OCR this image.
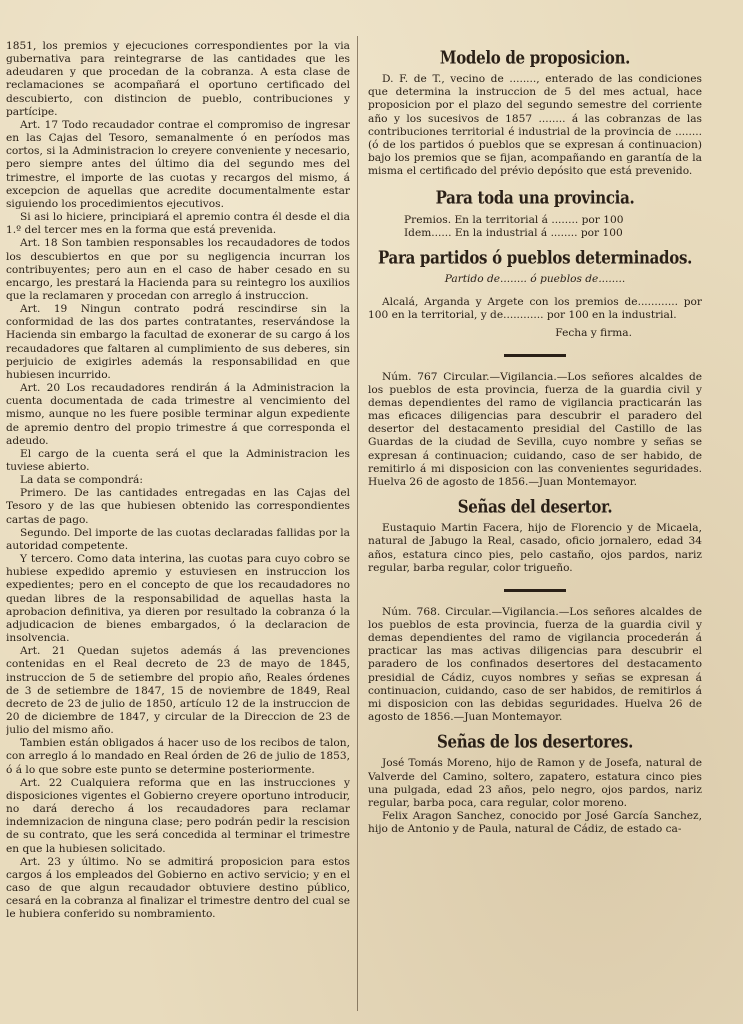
1851, los premios y ejecuciones correspondientes por la via gubernativa para reintegrarse de las cantidades que les adeudaren y que procedan de la cobranza. A esta clase de reclamaciones se acompañará el oportuno certificado del descubierto, con distincion de pueblo, contribuciones y partícipe.

Art. 17 Todo recaudador contrae el compromiso de ingresar en las Cajas del Tesoro, semanalmente ó en períodos mas cortos, si la Administracion lo creyere conveniente y necesario, pero siempre antes del último dia del segundo mes del trimestre, el importe de las cuotas y recargos del mismo, á excepcion de aquellas que acredite documentalmente estar siguiendo los procedimientos ejecutivos.

Si asi lo hiciere, principiará el apremio contra él desde el dia 1.º del tercer mes en la forma que está prevenida.

Art. 18 Son tambien responsables los recaudadores de todos los descubiertos en que por su negligencia incurran los contribuyentes; pero aun en el caso de haber cesado en su encargo, les prestará la Hacienda para su reintegro los auxilios que la reclamaren y procedan con arreglo á instruccion.

Art. 19 Ningun contrato podrá rescindirse sin la conformidad de las dos partes contratantes, reservándose la Hacienda sin embargo la facultad de exonerar de su cargo á los recaudadores que faltaren al cumplimiento de sus deberes, sin perjuicio de exigirles además la responsabilidad en que hubiesen incurrido.

Art. 20 Los recaudadores rendirán á la Administracion la cuenta documentada de cada trimestre al vencimiento del mismo, aunque no les fuere posible terminar algun expediente de apremio dentro del propio trimestre á que corresponda el adeudo.

El cargo de la cuenta será el que la Administracion les tuviese abierto.

La data se compondrá:

Primero. De las cantidades entregadas en las Cajas del Tesoro y de las que hubiesen obtenido las correspondientes cartas de pago.

Segundo. Del importe de las cuotas declaradas fallidas por la autoridad competente.

Y tercero. Como data interina, las cuotas para cuyo cobro se hubiese expedido apremio y estuviesen en instruccion los expedientes; pero en el concepto de que los recaudadores no quedan libres de la responsabilidad de aquellas hasta la aprobacion definitiva, ya dieren por resultado la cobranza ó la adjudicacion de bienes embargados, ó la declaracion de insolvencia.

Art. 21 Quedan sujetos además á las prevenciones contenidas en el Real decreto de 23 de mayo de 1845, instruccion de 5 de setiembre del propio año, Reales órdenes de 3 de setiembre de 1847, 15 de noviembre de 1849, Real decreto de 23 de julio de 1850, artículo 12 de la instruccion de 20 de diciembre de 1847, y circular de la Direccion de 23 de julio del mismo año.

Tambien están obligados á hacer uso de los recibos de talon, con arreglo á lo mandado en Real órden de 26 de julio de 1853, ó á lo que sobre este punto se determine posteriormente.

Art. 22 Cualquiera reforma que en las instrucciones y disposiciones vigentes el Gobierno creyere oportuno introducir, no dará derecho á los recaudadores para reclamar indemnizacion de ninguna clase; pero podrán pedir la rescision de su contrato, que les será concedida al terminar el trimestre en que la hubiesen solicitado.

Art. 23 y último. No se admitirá proposicion para estos cargos á los empleados del Gobierno en activo servicio; y en el caso de que algun recaudador obtuviere destino público, cesará en la cobranza al finalizar el trimestre dentro del cual se le hubiera conferido su nombramiento.

Modelo de proposicion.

D. F. de T., vecino de ........, enterado de las condiciones que determina la instruccion de 5 del mes actual, hace proposicion por el plazo del segundo semestre del corriente año y los sucesivos de 1857 ........ á las cobranzas de las contribuciones territorial é industrial de la provincia de ........ (ó de los partidos ó pueblos que se expresan á continuacion) bajo los premios que se fijan, acompañando en garantía de la misma el certificado del prévio depósito que está prevenido.

Para toda una provincia.

Premios. En la territorial á ........ por 100

Idem...... En la industrial á ........ por 100

Para partidos ó pueblos determinados.

Partido de........ ó pueblos de........

Alcalá, Arganda y Argete con los premios de............ por 100 en la territorial, y de............ por 100 en la industrial.

Fecha y firma.

Núm. 767 Circular.—Vigilancia.—Los señores alcaldes de los pueblos de esta provincia, fuerza de la guardia civil y demas dependientes del ramo de vigilancia practicarán las mas eficaces diligencias para descubrir el paradero del desertor del destacamento presidial del Castillo de las Guardas de la ciudad de Sevilla, cuyo nombre y señas se expresan á continuacion; cuidando, caso de ser habido, de remitirlo á mi disposicion con las convenientes seguridades. Huelva 26 de agosto de 1856.—Juan Montemayor.

Señas del desertor.

Eustaquio Martin Facera, hijo de Florencio y de Micaela, natural de Jabugo la Real, casado, oficio jornalero, edad 34 años, estatura cinco pies, pelo castaño, ojos pardos, nariz regular, barba regular, color trigueño.

Núm. 768. Circular.—Vigilancia.—Los señores alcaldes de los pueblos de esta provincia, fuerza de la guardia civil y demas dependientes del ramo de vigilancia procederán á practicar las mas activas diligencias para descubrir el paradero de los confinados desertores del destacamento presidial de Cádiz, cuyos nombres y señas se expresan á continuacion, cuidando, caso de ser habidos, de remitirlos á mi disposicion con las debidas seguridades. Huelva 26 de agosto de 1856.—Juan Montemayor.

Señas de los desertores.

José Tomás Moreno, hijo de Ramon y de Josefa, natural de Valverde del Camino, soltero, zapatero, estatura cinco pies una pulgada, edad 23 años, pelo negro, ojos pardos, nariz regular, barba poca, cara regular, color moreno.

Felix Aragon Sanchez, conocido por José García Sanchez, hijo de Antonio y de Paula, natural de Cádiz, de estado ca-
